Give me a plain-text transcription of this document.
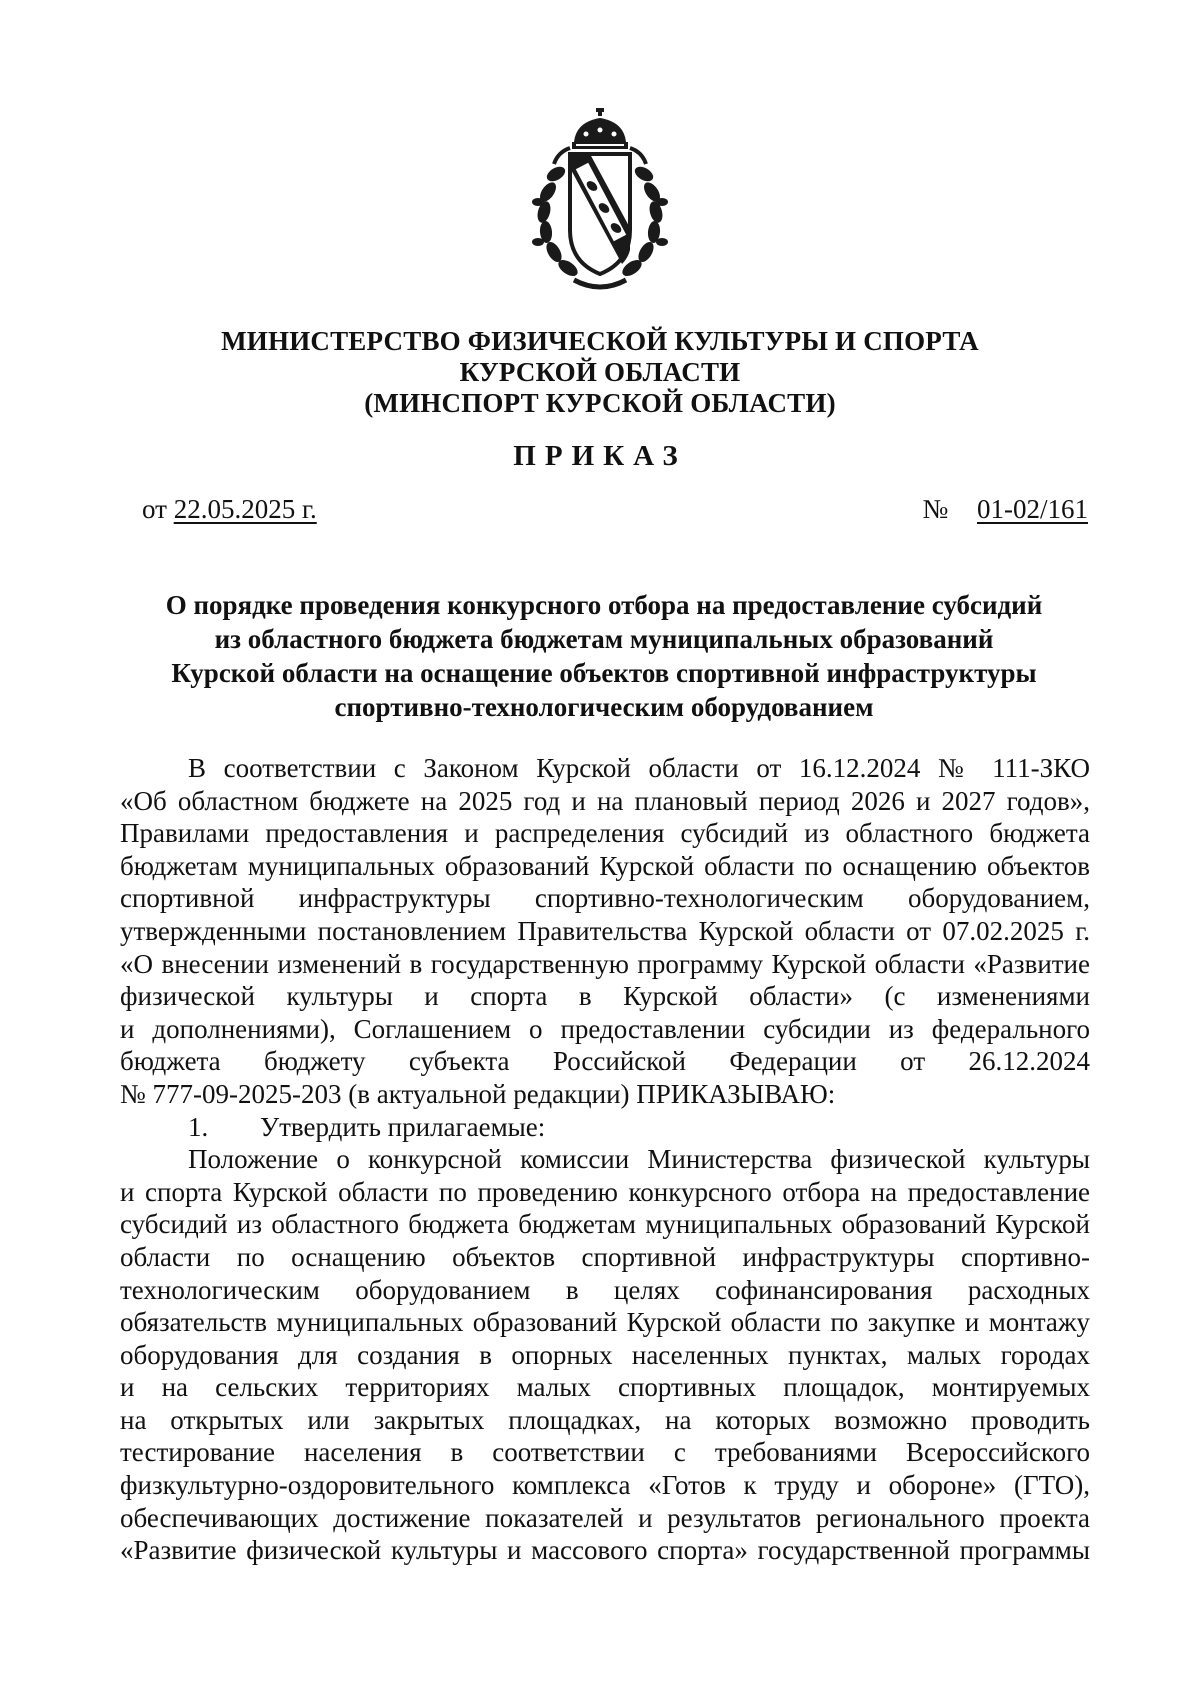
МИНИСТЕРСТВО ФИЗИЧЕСКОЙ КУЛЬТУРЫ И СПОРТА
КУРСКОЙ ОБЛАСТИ
(МИНСПОРТ КУРСКОЙ ОБЛАСТИ)
ПРИКАЗ
от 22.05.2025 г.	№ 01-02/161
О порядке проведения конкурсного отбора на предоставление субсидий
из областного бюджета бюджетам муниципальных образований
Курской области на оснащение объектов спортивной инфраструктуры
спортивно-технологическим оборудованием
В соответствии с Законом Курской области от 16.12.2024 № 111-ЗКО
«Об областном бюджете на 2025 год и на плановый период 2026 и 2027 годов»,
Правилами предоставления и распределения субсидий из областного бюджета
бюджетам муниципальных образований Курской области по оснащению объектов
спортивной инфраструктуры спортивно-технологическим оборудованием,
утвержденными постановлением Правительства Курской области от 07.02.2025 г.
«О внесении изменений в государственную программу Курской области «Развитие
физической культуры и спорта в Курской области» (с изменениями
и дополнениями), Соглашением о предоставлении субсидии из федерального
бюджета бюджету субъекта Российской Федерации от 26.12.2024
№ 777-09-2025-203 (в актуальной редакции) ПРИКАЗЫВАЮ:
1. Утвердить прилагаемые:
Положение о конкурсной комиссии Министерства физической культуры
и спорта Курской области по проведению конкурсного отбора на предоставление
субсидий из областного бюджета бюджетам муниципальных образований Курской
области по оснащению объектов спортивной инфраструктуры спортивно-
технологическим оборудованием в целях софинансирования расходных
обязательств муниципальных образований Курской области по закупке и монтажу
оборудования для создания в опорных населенных пунктах, малых городах
и на сельских территориях малых спортивных площадок, монтируемых
на открытых или закрытых площадках, на которых возможно проводить
тестирование населения в соответствии с требованиями Всероссийского
физкультурно-оздоровительного комплекса «Готов к труду и обороне» (ГТО),
обеспечивающих достижение показателей и результатов регионального проекта
«Развитие физической культуры и массового спорта» государственной программы
